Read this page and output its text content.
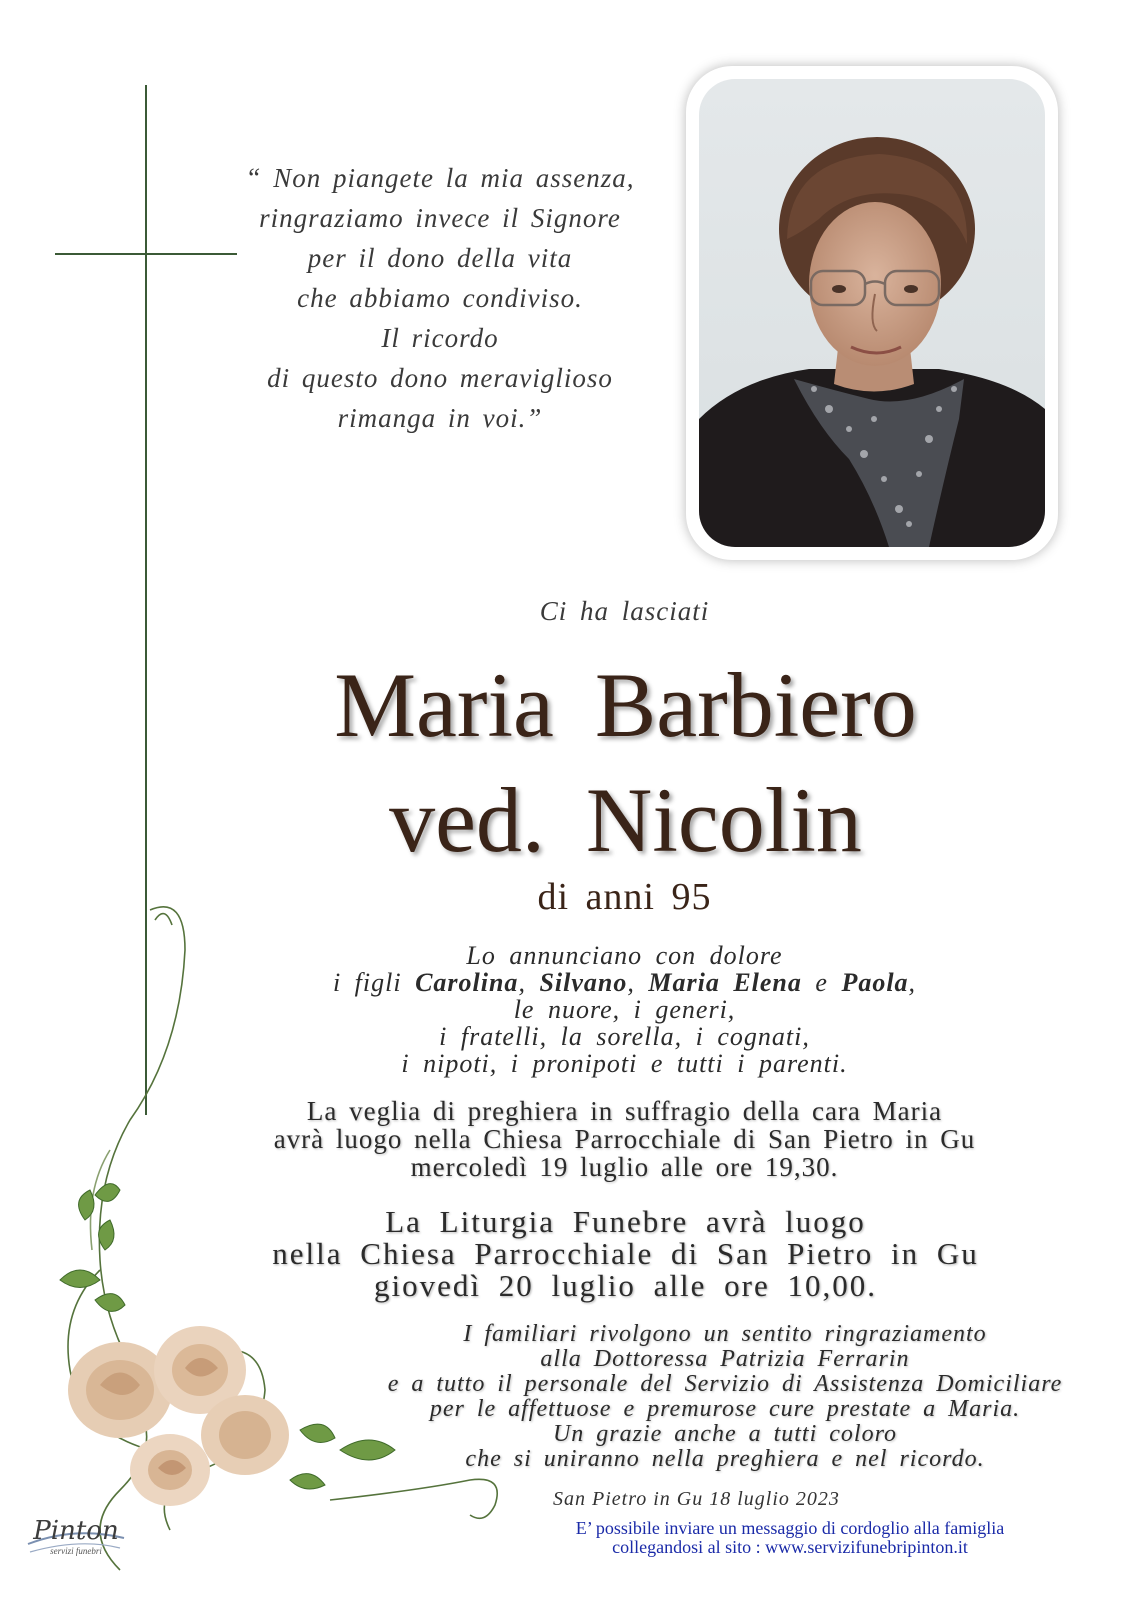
“ Non piangete la mia assenza,
ringraziamo invece il Signore
per il dono della vita
che abbiamo condiviso.
Il ricordo
di questo dono meraviglioso
rimanga in voi.”
Ci ha lasciati
Maria Barbiero
ved. Nicolin
di anni 95
Lo annunciano con dolore
i figli Carolina, Silvano, Maria Elena e Paola,
le nuore, i generi,
i fratelli, la sorella, i cognati,
i nipoti, i pronipoti e tutti i parenti.
La veglia di preghiera in suffragio della cara Maria
avrà luogo nella Chiesa Parrocchiale di San Pietro in Gu
mercoledì 19 luglio alle ore 19,30.
La Liturgia Funebre avrà luogo
nella Chiesa Parrocchiale di San Pietro in Gu
giovedì 20 luglio alle ore 10,00.
I familiari rivolgono un sentito ringraziamento
alla Dottoressa Patrizia Ferrarin
e a tutto il personale del Servizio di Assistenza Domiciliare
per le affettuose e premurose cure prestate a Maria.
Un grazie anche a tutti coloro
che si uniranno nella preghiera e nel ricordo.
San Pietro in Gu 18 luglio 2023
E’ possibile inviare un messaggio di cordoglio alla famiglia
collegandosi al sito : www.servizifunebripinton.it
Pinton
servizi funebri
